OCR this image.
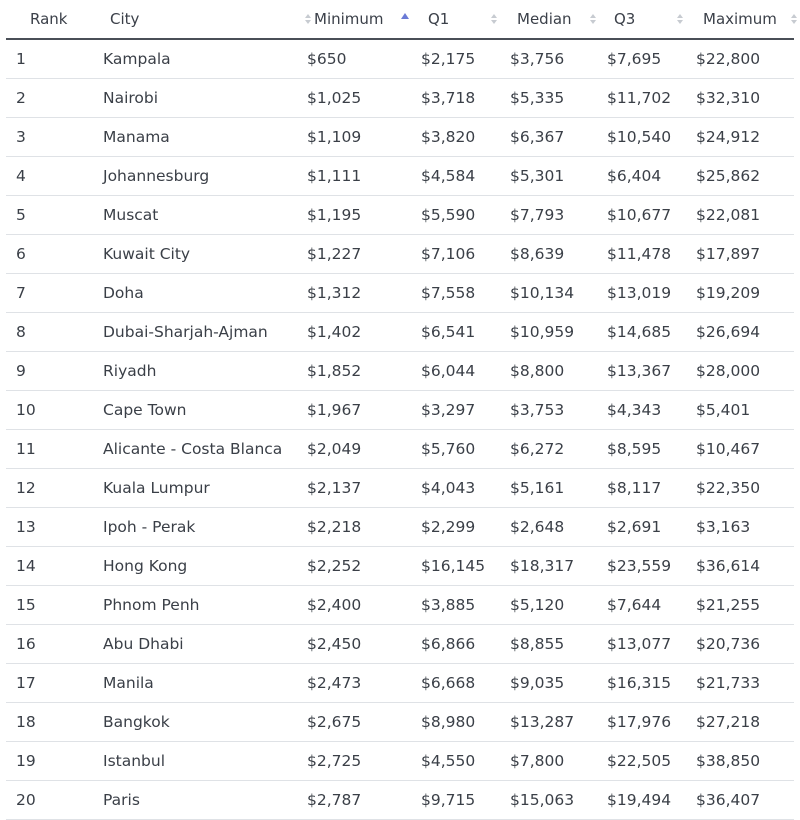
Rank	City	Minimum	Q1	Median	Q3	Maximum

1	Kampala	$650	$2,175	$3,756	$7,695	$22,800
2	Nairobi	$1,025	$3,718	$5,335	$11,702	$32,310
3	Manama	$1,109	$3,820	$6,367	$10,540	$24,912
4	Johannesburg	$1,111	$4,584	$5,301	$6,404	$25,862
5	Muscat	$1,195	$5,590	$7,793	$10,677	$22,081
6	Kuwait City	$1,227	$7,106	$8,639	$11,478	$17,897
7	Doha	$1,312	$7,558	$10,134	$13,019	$19,209
8	Dubai-Sharjah-Ajman	$1,402	$6,541	$10,959	$14,685	$26,694
9	Riyadh	$1,852	$6,044	$8,800	$13,367	$28,000
10	Cape Town	$1,967	$3,297	$3,753	$4,343	$5,401
11	Alicante - Costa Blanca	$2,049	$5,760	$6,272	$8,595	$10,467
12	Kuala Lumpur	$2,137	$4,043	$5,161	$8,117	$22,350
13	Ipoh - Perak	$2,218	$2,299	$2,648	$2,691	$3,163
14	Hong Kong	$2,252	$16,145	$18,317	$23,559	$36,614
15	Phnom Penh	$2,400	$3,885	$5,120	$7,644	$21,255
16	Abu Dhabi	$2,450	$6,866	$8,855	$13,077	$20,736
17	Manila	$2,473	$6,668	$9,035	$16,315	$21,733
18	Bangkok	$2,675	$8,980	$13,287	$17,976	$27,218
19	Istanbul	$2,725	$4,550	$7,800	$22,505	$38,850
20	Paris	$2,787	$9,715	$15,063	$19,494	$36,407
